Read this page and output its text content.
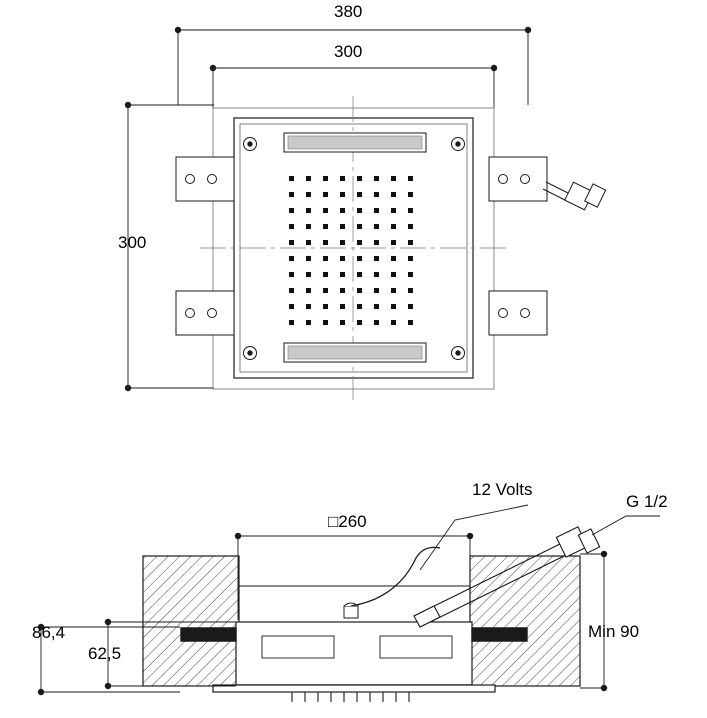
380
300
300
□260
12 Volts
G 1/2
86,4
62,5
Min 90
